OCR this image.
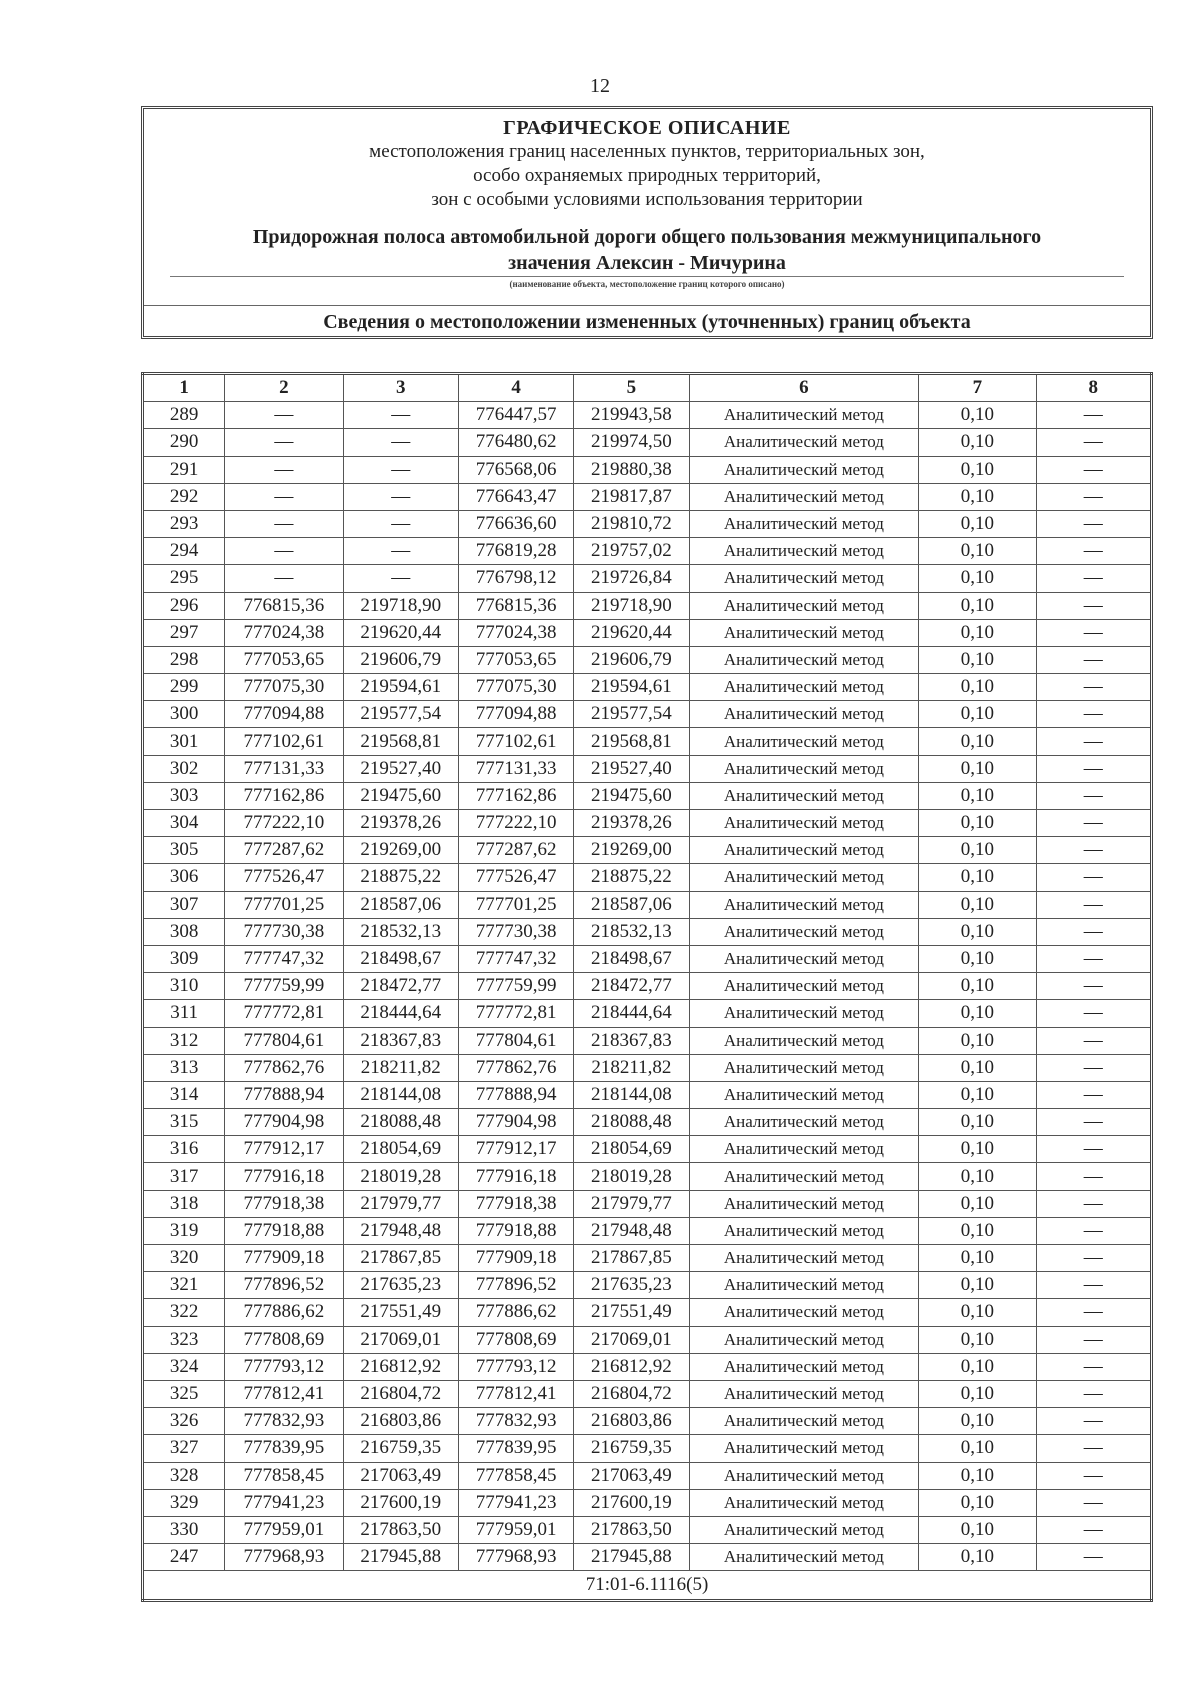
12
ГРАФИЧЕСКОЕ ОПИСАНИЕ
местоположения границ населенных пунктов, территориальных зон,
особо охраняемых природных территорий,
зон с особыми условиями использования территории
Придорожная полоса автомобильной дороги общего пользования межмуниципального
значения Алексин - Мичурина
(наименование объекта, местоположение границ которого описано)
Сведения о местоположении измененных (уточненных) границ объекта
1	2	3	4	5	6	7	8
289	—	—	776447,57	219943,58	Аналитический метод	0,10	—
290	—	—	776480,62	219974,50	Аналитический метод	0,10	—
291	—	—	776568,06	219880,38	Аналитический метод	0,10	—
292	—	—	776643,47	219817,87	Аналитический метод	0,10	—
293	—	—	776636,60	219810,72	Аналитический метод	0,10	—
294	—	—	776819,28	219757,02	Аналитический метод	0,10	—
295	—	—	776798,12	219726,84	Аналитический метод	0,10	—
296	776815,36	219718,90	776815,36	219718,90	Аналитический метод	0,10	—
297	777024,38	219620,44	777024,38	219620,44	Аналитический метод	0,10	—
298	777053,65	219606,79	777053,65	219606,79	Аналитический метод	0,10	—
299	777075,30	219594,61	777075,30	219594,61	Аналитический метод	0,10	—
300	777094,88	219577,54	777094,88	219577,54	Аналитический метод	0,10	—
301	777102,61	219568,81	777102,61	219568,81	Аналитический метод	0,10	—
302	777131,33	219527,40	777131,33	219527,40	Аналитический метод	0,10	—
303	777162,86	219475,60	777162,86	219475,60	Аналитический метод	0,10	—
304	777222,10	219378,26	777222,10	219378,26	Аналитический метод	0,10	—
305	777287,62	219269,00	777287,62	219269,00	Аналитический метод	0,10	—
306	777526,47	218875,22	777526,47	218875,22	Аналитический метод	0,10	—
307	777701,25	218587,06	777701,25	218587,06	Аналитический метод	0,10	—
308	777730,38	218532,13	777730,38	218532,13	Аналитический метод	0,10	—
309	777747,32	218498,67	777747,32	218498,67	Аналитический метод	0,10	—
310	777759,99	218472,77	777759,99	218472,77	Аналитический метод	0,10	—
311	777772,81	218444,64	777772,81	218444,64	Аналитический метод	0,10	—
312	777804,61	218367,83	777804,61	218367,83	Аналитический метод	0,10	—
313	777862,76	218211,82	777862,76	218211,82	Аналитический метод	0,10	—
314	777888,94	218144,08	777888,94	218144,08	Аналитический метод	0,10	—
315	777904,98	218088,48	777904,98	218088,48	Аналитический метод	0,10	—
316	777912,17	218054,69	777912,17	218054,69	Аналитический метод	0,10	—
317	777916,18	218019,28	777916,18	218019,28	Аналитический метод	0,10	—
318	777918,38	217979,77	777918,38	217979,77	Аналитический метод	0,10	—
319	777918,88	217948,48	777918,88	217948,48	Аналитический метод	0,10	—
320	777909,18	217867,85	777909,18	217867,85	Аналитический метод	0,10	—
321	777896,52	217635,23	777896,52	217635,23	Аналитический метод	0,10	—
322	777886,62	217551,49	777886,62	217551,49	Аналитический метод	0,10	—
323	777808,69	217069,01	777808,69	217069,01	Аналитический метод	0,10	—
324	777793,12	216812,92	777793,12	216812,92	Аналитический метод	0,10	—
325	777812,41	216804,72	777812,41	216804,72	Аналитический метод	0,10	—
326	777832,93	216803,86	777832,93	216803,86	Аналитический метод	0,10	—
327	777839,95	216759,35	777839,95	216759,35	Аналитический метод	0,10	—
328	777858,45	217063,49	777858,45	217063,49	Аналитический метод	0,10	—
329	777941,23	217600,19	777941,23	217600,19	Аналитический метод	0,10	—
330	777959,01	217863,50	777959,01	217863,50	Аналитический метод	0,10	—
247	777968,93	217945,88	777968,93	217945,88	Аналитический метод	0,10	—
71:01-6.1116(5)							
